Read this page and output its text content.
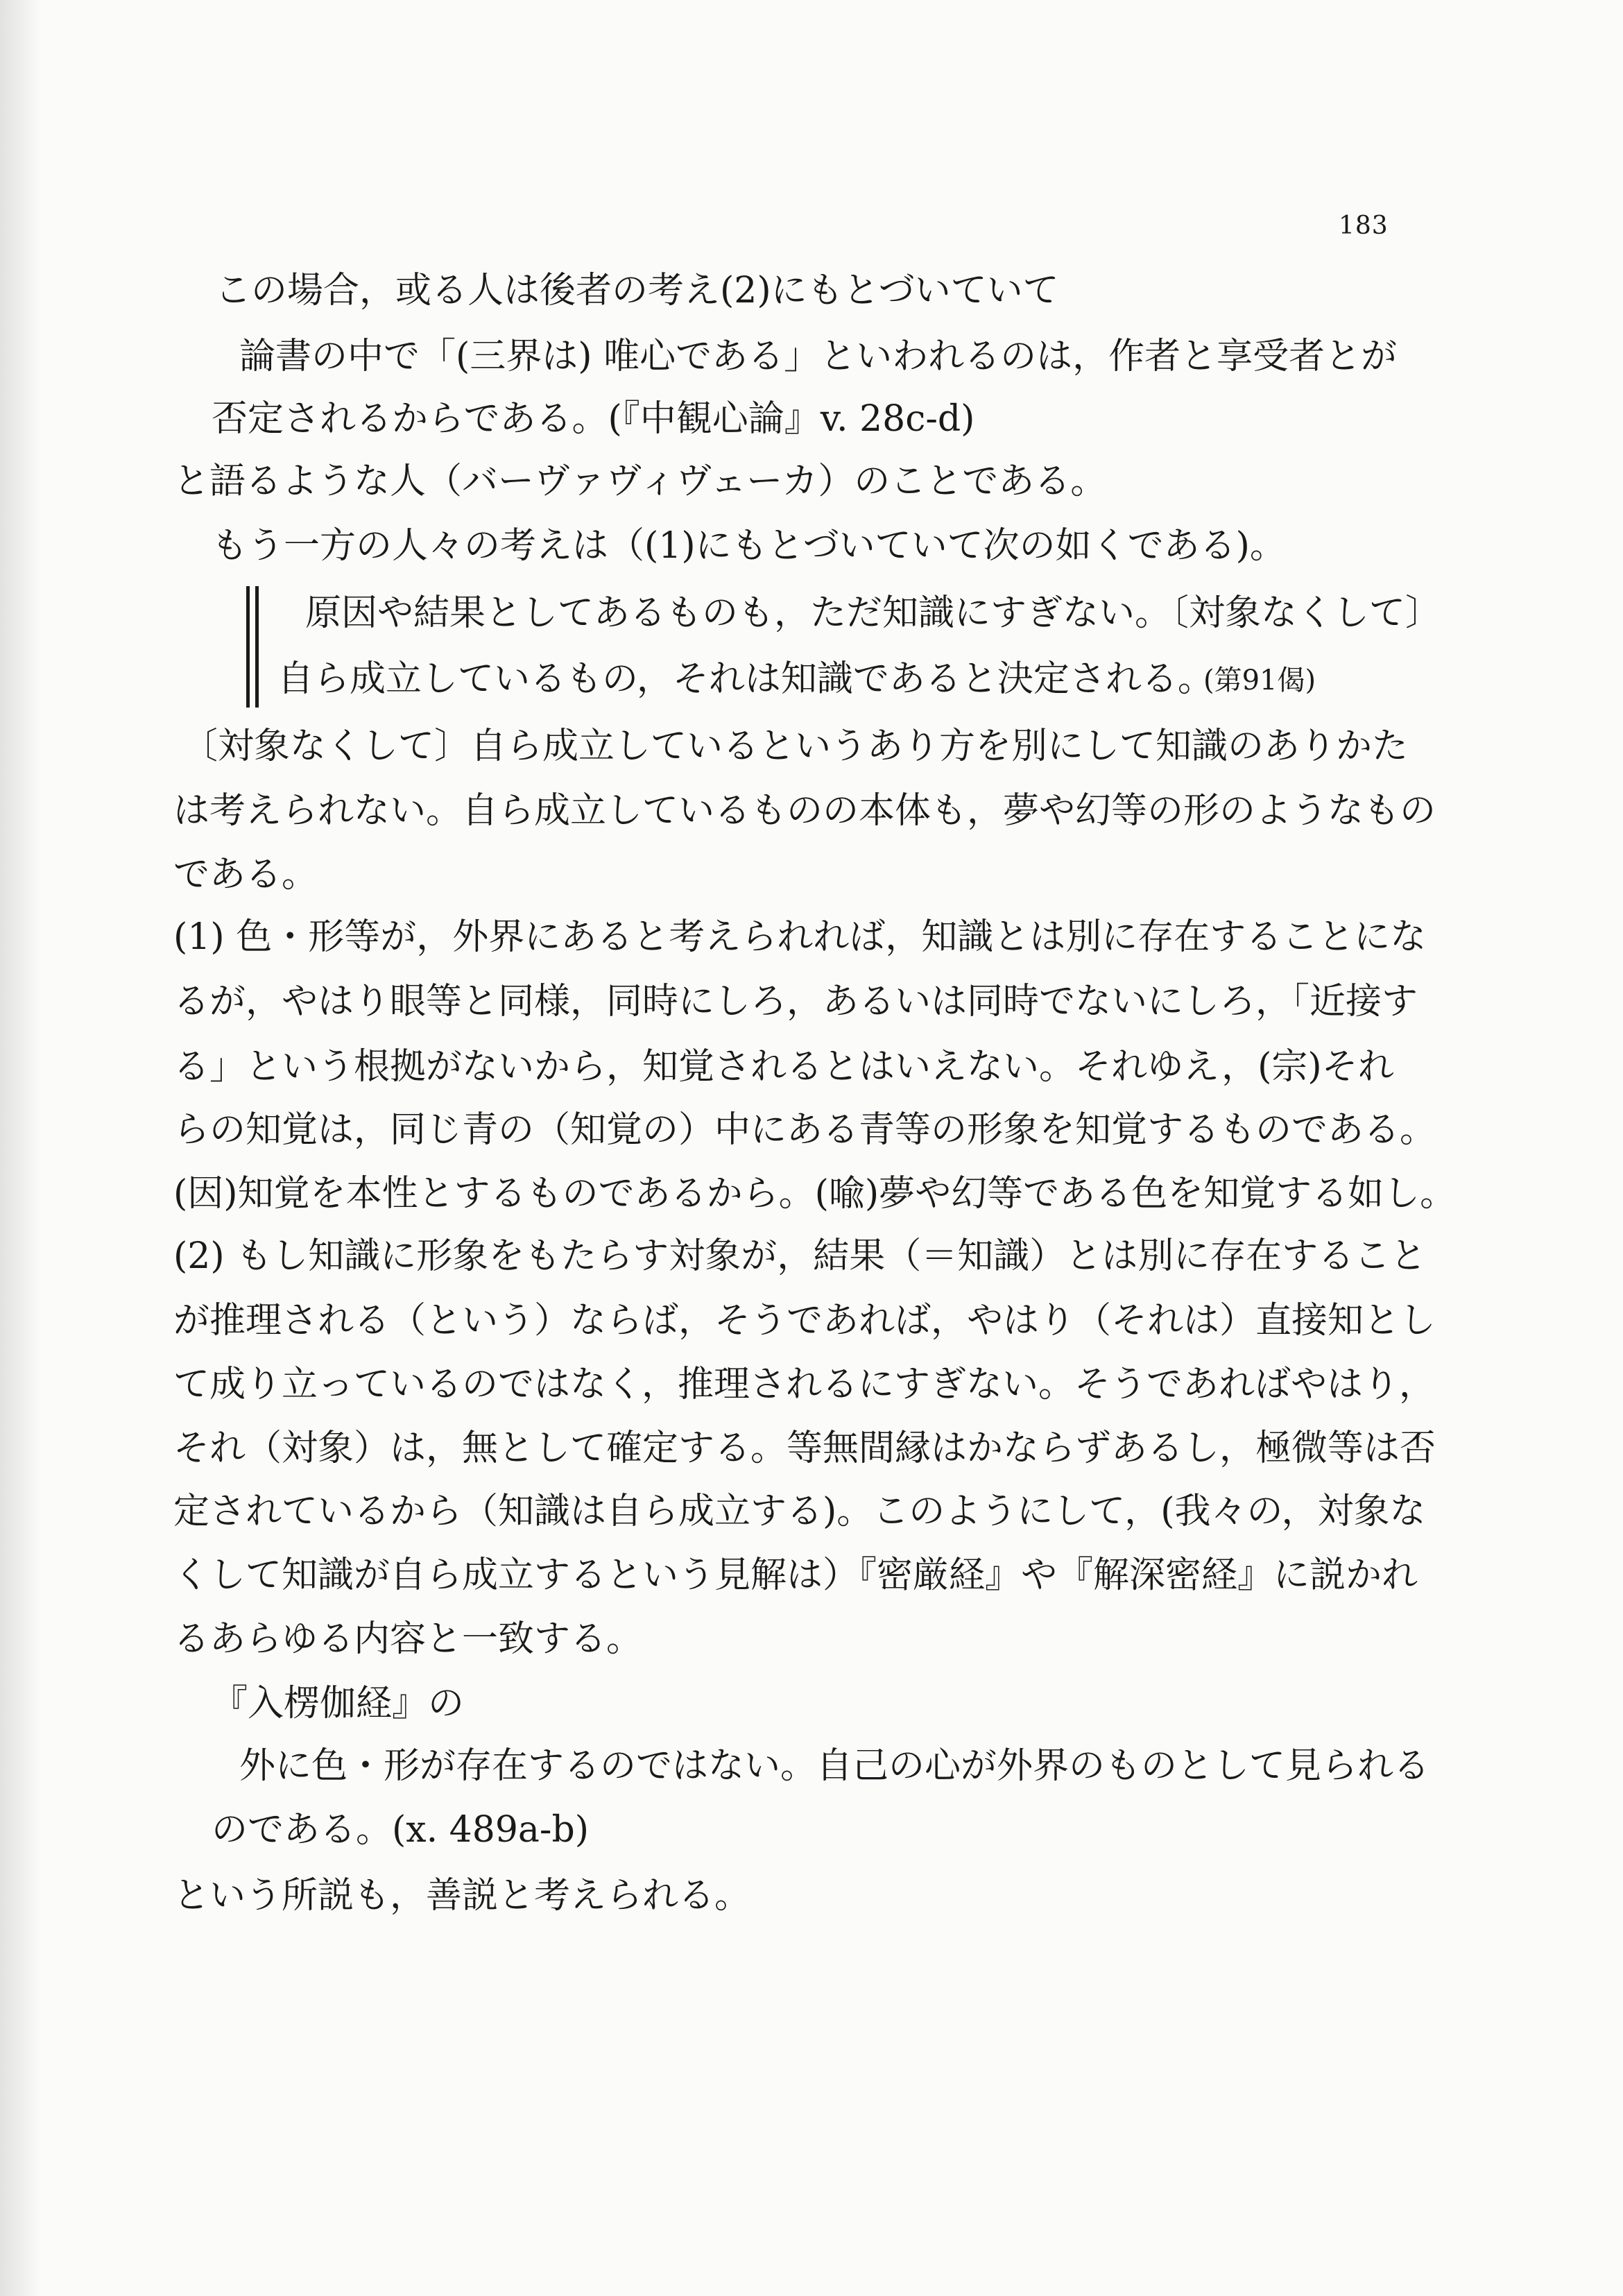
183
この場合，或る人は後者の考え(2)にもとづいていて
論書の中で「(三界は) 唯心である」といわれるのは，作者と享受者とが
否定されるからである。(『中観心論』v. 28c-d)
と語るような人（バーヴァヴィヴェーカ）のことである。
もう一方の人々の考えは（(1)にもとづいていて次の如くである)。
原因や結果としてあるものも，ただ知識にすぎない。〔対象なくして〕
自ら成立しているもの，それは知識であると決定される。
(第91偈)
〔対象なくして〕自ら成立しているというあり方を別にして知識のありかた
は考えられない。自ら成立しているものの本体も，夢や幻等の形のようなもの
である。
(1) 色・形等が，外界にあると考えられれば，知識とは別に存在することにな
るが，やはり眼等と同様，同時にしろ，あるいは同時でないにしろ，「近接す
る」という根拠がないから，知覚されるとはいえない。それゆえ，(宗)それ
らの知覚は，同じ青の（知覚の）中にある青等の形象を知覚するものである。
(因)知覚を本性とするものであるから。(喩)夢や幻等である色を知覚する如し。
(2) もし知識に形象をもたらす対象が，結果（＝知識）とは別に存在すること
が推理される（という）ならば，そうであれば，やはり（それは）直接知とし
て成り立っているのではなく，推理されるにすぎない。そうであればやはり，
それ（対象）は，無として確定する。等無間縁はかならずあるし，極微等は否
定されているから（知識は自ら成立する)。このようにして，(我々の，対象な
くして知識が自ら成立するという見解は）『密厳経』や『解深密経』に説かれ
るあらゆる内容と一致する。
『入楞伽経』の
外に色・形が存在するのではない。自己の心が外界のものとして見られる
のである。(x. 489a-b)
という所説も，善説と考えられる。
